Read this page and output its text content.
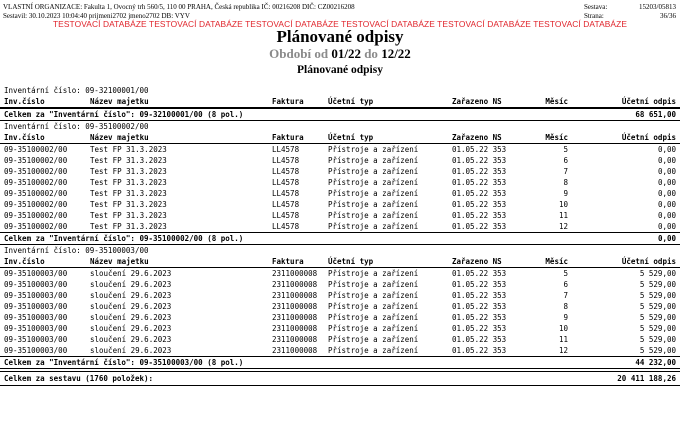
VLASTNÍ ORGANIZACE: Fakulta 1, Ovocný trh 560/5, 110 00 PRAHA, Česká republika IČ: 00216208 DIČ: CZ00216208
Sestavil: 30.10.2023 10:04:40 prijmeni2702 jmeno2702 DB: VYV
Sestava:	15203/05813
Strana:	36/36
TESTOVACÍ DATABÁZE TESTOVACÍ DATABÁZE TESTOVACÍ DATABÁZE TESTOVACÍ DATABÁZE TESTOVACÍ DATABÁZE TESTOVACÍ DATABÁZE
Plánované odpisy
Období od 01/22 do 12/22
Plánované odpisy
Inventární číslo: 09-32100001/00
Inv.číslo	Název majetku	Faktura	Účetní typ	Zařazeno NS	Měsíc	Účetní odpis
Celkem za "Inventární číslo": 09-32100001/00 (8 pol.)	68 651,00
Inventární číslo: 09-35100002/00
Inv.číslo	Název majetku	Faktura	Účetní typ	Zařazeno NS	Měsíc	Účetní odpis
09-35100002/00	Test FP 31.3.2023	LL4578	Přístroje a zařízení	01.05.22 353	5	0,00
09-35100002/00	Test FP 31.3.2023	LL4578	Přístroje a zařízení	01.05.22 353	6	0,00
09-35100002/00	Test FP 31.3.2023	LL4578	Přístroje a zařízení	01.05.22 353	7	0,00
09-35100002/00	Test FP 31.3.2023	LL4578	Přístroje a zařízení	01.05.22 353	8	0,00
09-35100002/00	Test FP 31.3.2023	LL4578	Přístroje a zařízení	01.05.22 353	9	0,00
09-35100002/00	Test FP 31.3.2023	LL4578	Přístroje a zařízení	01.05.22 353	10	0,00
09-35100002/00	Test FP 31.3.2023	LL4578	Přístroje a zařízení	01.05.22 353	11	0,00
09-35100002/00	Test FP 31.3.2023	LL4578	Přístroje a zařízení	01.05.22 353	12	0,00
Celkem za "Inventární číslo": 09-35100002/00 (8 pol.)	0,00
Inventární číslo: 09-35100003/00
Inv.číslo	Název majetku	Faktura	Účetní typ	Zařazeno NS	Měsíc	Účetní odpis
09-35100003/00	sloučení 29.6.2023	2311000008 Přístroje a zařízení	01.05.22 353	5	5 529,00
09-35100003/00	sloučení 29.6.2023	2311000008 Přístroje a zařízení	01.05.22 353	6	5 529,00
09-35100003/00	sloučení 29.6.2023	2311000008 Přístroje a zařízení	01.05.22 353	7	5 529,00
09-35100003/00	sloučení 29.6.2023	2311000008 Přístroje a zařízení	01.05.22 353	8	5 529,00
09-35100003/00	sloučení 29.6.2023	2311000008 Přístroje a zařízení	01.05.22 353	9	5 529,00
09-35100003/00	sloučení 29.6.2023	2311000008 Přístroje a zařízení	01.05.22 353	10	5 529,00
09-35100003/00	sloučení 29.6.2023	2311000008 Přístroje a zařízení	01.05.22 353	11	5 529,00
09-35100003/00	sloučení 29.6.2023	2311000008 Přístroje a zařízení	01.05.22 353	12	5 529,00
Celkem za "Inventární číslo": 09-35100003/00 (8 pol.)	44 232,00
Celkem za sestavu (1760 položek):	20 411 188,26
